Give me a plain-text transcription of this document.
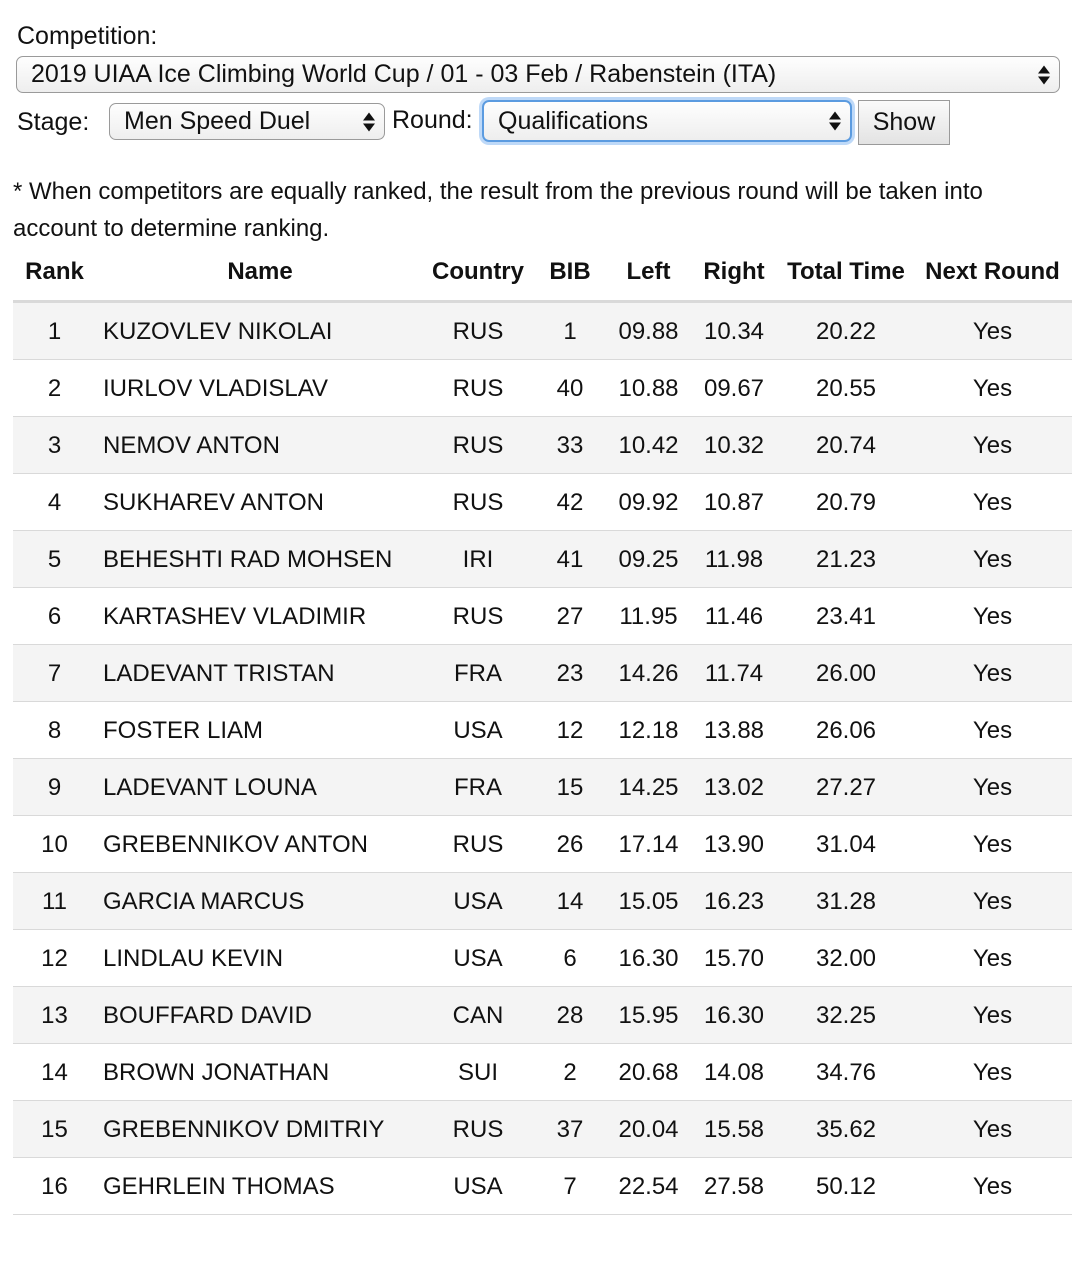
Competition:
2019 UIAA Ice Climbing World Cup / 01 - 03 Feb / Rabenstein (ITA)
Stage: Men Speed Duel	Round: Qualifications	Show
* When competitors are equally ranked, the result from the previous round will be taken into account to determine ranking.
Rank	Name	Country	BIB	Left	Right	Total Time	Next Round
1	KUZOVLEV NIKOLAI	RUS	1	09.88	10.34	20.22	Yes
2	IURLOV VLADISLAV	RUS	40	10.88	09.67	20.55	Yes
3	NEMOV ANTON	RUS	33	10.42	10.32	20.74	Yes
4	SUKHAREV ANTON	RUS	42	09.92	10.87	20.79	Yes
5	BEHESHTI RAD MOHSEN	IRI	41	09.25	11.98	21.23	Yes
6	KARTASHEV VLADIMIR	RUS	27	11.95	11.46	23.41	Yes
7	LADEVANT TRISTAN	FRA	23	14.26	11.74	26.00	Yes
8	FOSTER LIAM	USA	12	12.18	13.88	26.06	Yes
9	LADEVANT LOUNA	FRA	15	14.25	13.02	27.27	Yes
10	GREBENNIKOV ANTON	RUS	26	17.14	13.90	31.04	Yes
11	GARCIA MARCUS	USA	14	15.05	16.23	31.28	Yes
12	LINDLAU KEVIN	USA	6	16.30	15.70	32.00	Yes
13	BOUFFARD DAVID	CAN	28	15.95	16.30	32.25	Yes
14	BROWN JONATHAN	SUI	2	20.68	14.08	34.76	Yes
15	GREBENNIKOV DMITRIY	RUS	37	20.04	15.58	35.62	Yes
16	GEHRLEIN THOMAS	USA	7	22.54	27.58	50.12	Yes
